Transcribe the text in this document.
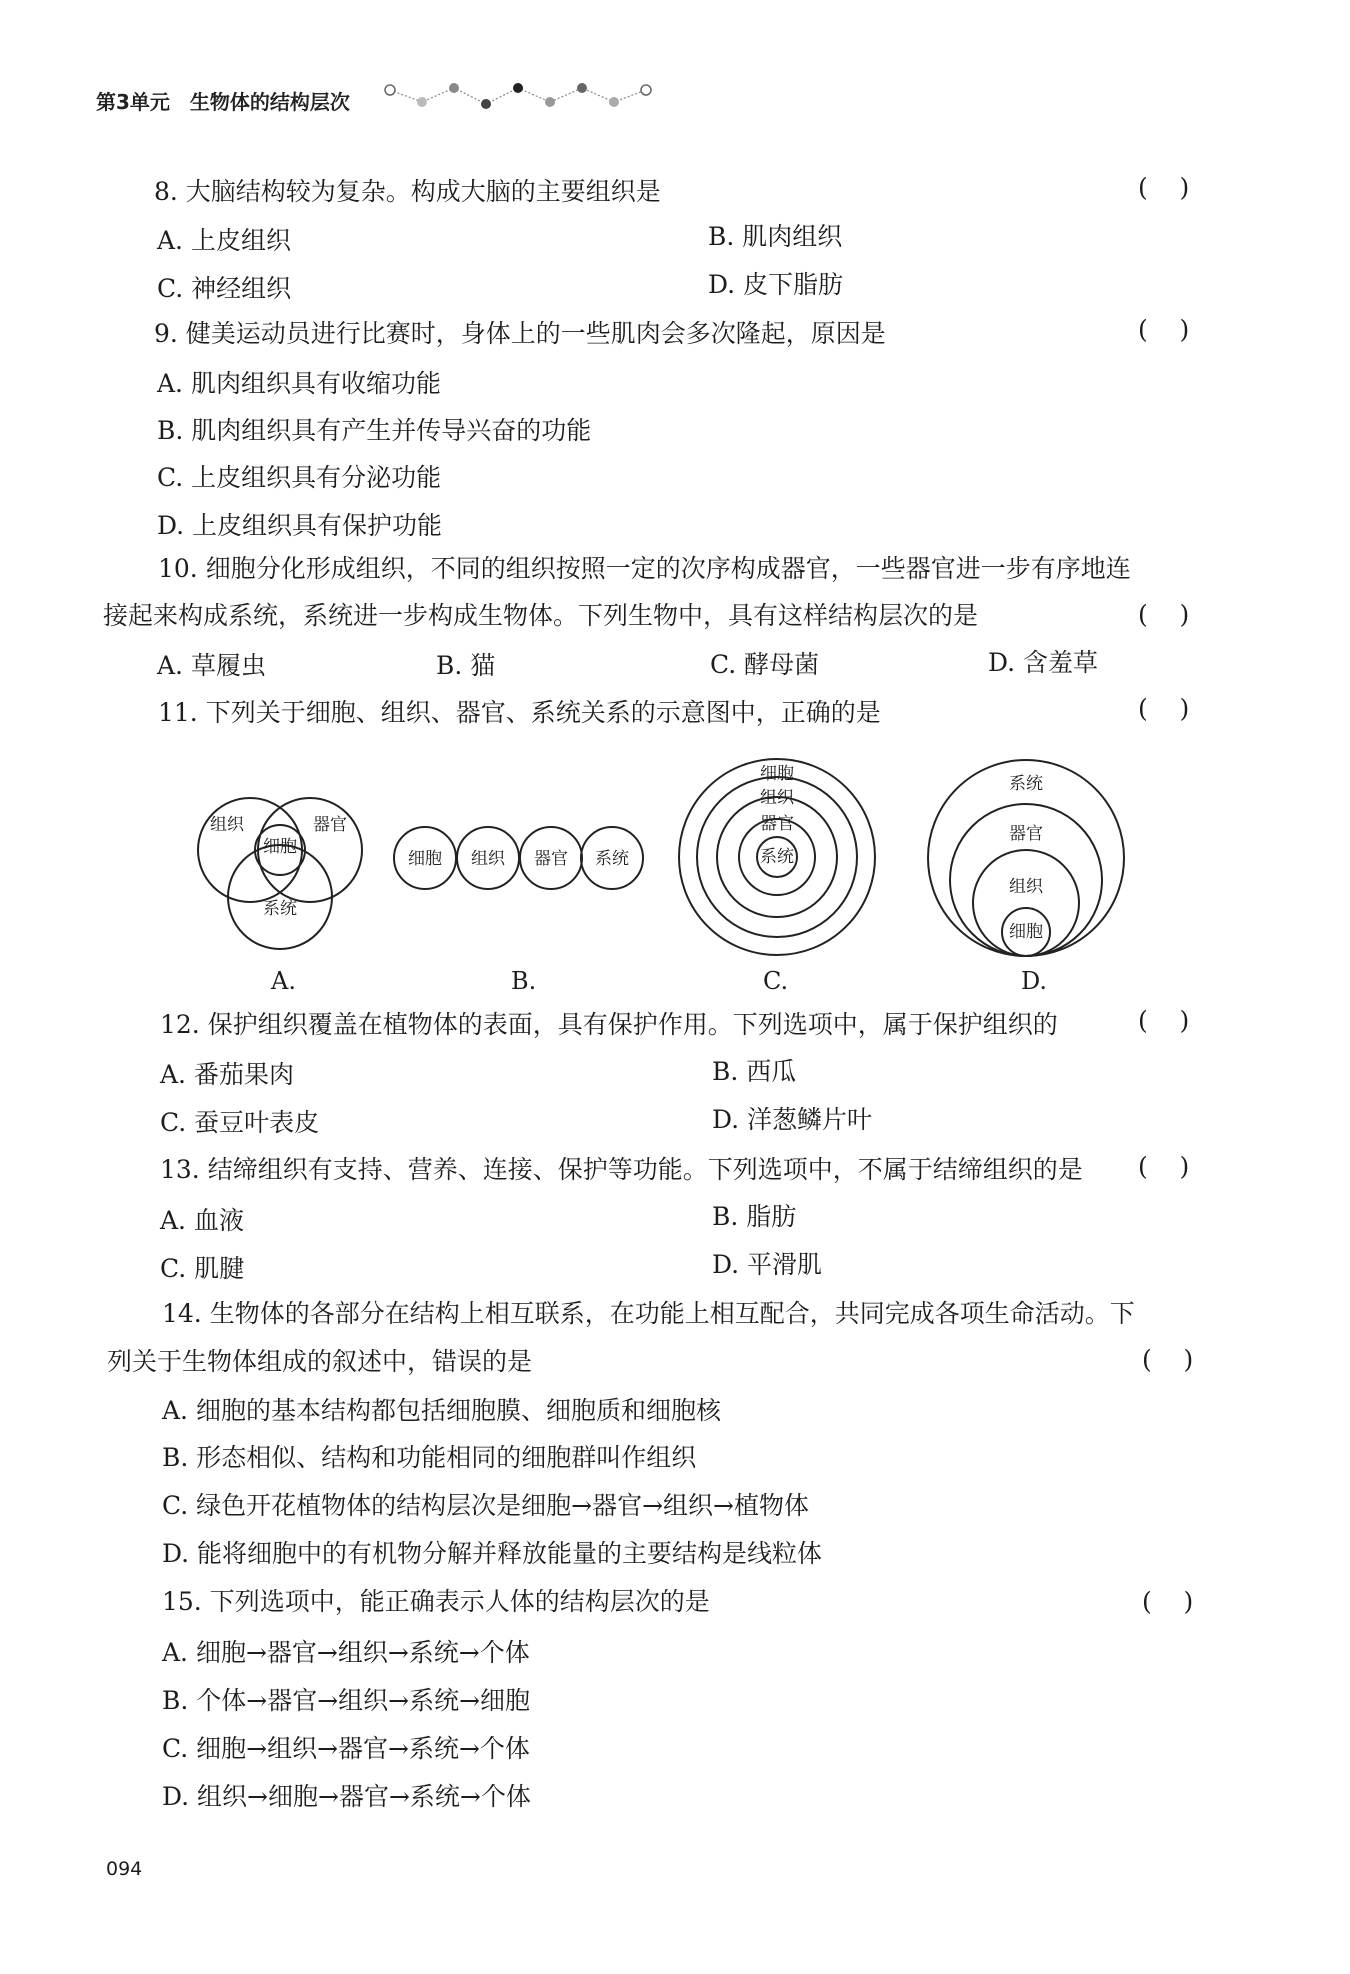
第3单元 生物体的结构层次
8. 大脑结构较为复杂。构成大脑的主要组织是	(    )
A. 上皮组织	B. 肌肉组织
C. 神经组织	D. 皮下脂肪
9. 健美运动员进行比赛时，身体上的一些肌肉会多次隆起，原因是	(    )
A. 肌肉组织具有收缩功能
B. 肌肉组织具有产生并传导兴奋的功能
C. 上皮组织具有分泌功能
D. 上皮组织具有保护功能
10. 细胞分化形成组织，不同的组织按照一定的次序构成器官，一些器官进一步有序地连
接起来构成系统，系统进一步构成生物体。下列生物中，具有这样结构层次的是	(    )
A. 草履虫	B. 猫	C. 酵母菌	D. 含羞草
11. 下列关于细胞、组织、器官、系统关系的示意图中，正确的是	(    )
组织	器官
细胞
系统
细胞 组织 器官 系统
细胞
组织
器官
系统
系统
器官
组织
细胞
A.	B.	C.	D.
12. 保护组织覆盖在植物体的表面，具有保护作用。下列选项中，属于保护组织的	(    )
A. 番茄果肉	B. 西瓜
C. 蚕豆叶表皮	D. 洋葱鳞片叶
13. 结缔组织有支持、营养、连接、保护等功能。下列选项中，不属于结缔组织的是 (    )
A. 血液	B. 脂肪
C. 肌腱	D. 平滑肌
14. 生物体的各部分在结构上相互联系，在功能上相互配合，共同完成各项生命活动。下
列关于生物体组成的叙述中，错误的是	(    )
A. 细胞的基本结构都包括细胞膜、细胞质和细胞核
B. 形态相似、结构和功能相同的细胞群叫作组织
C. 绿色开花植物体的结构层次是细胞→器官→组织→植物体
D. 能将细胞中的有机物分解并释放能量的主要结构是线粒体
15. 下列选项中，能正确表示人体的结构层次的是	(    )
A. 细胞→器官→组织→系统→个体
B. 个体→器官→组织→系统→细胞
C. 细胞→组织→器官→系统→个体
D. 组织→细胞→器官→系统→个体
094
